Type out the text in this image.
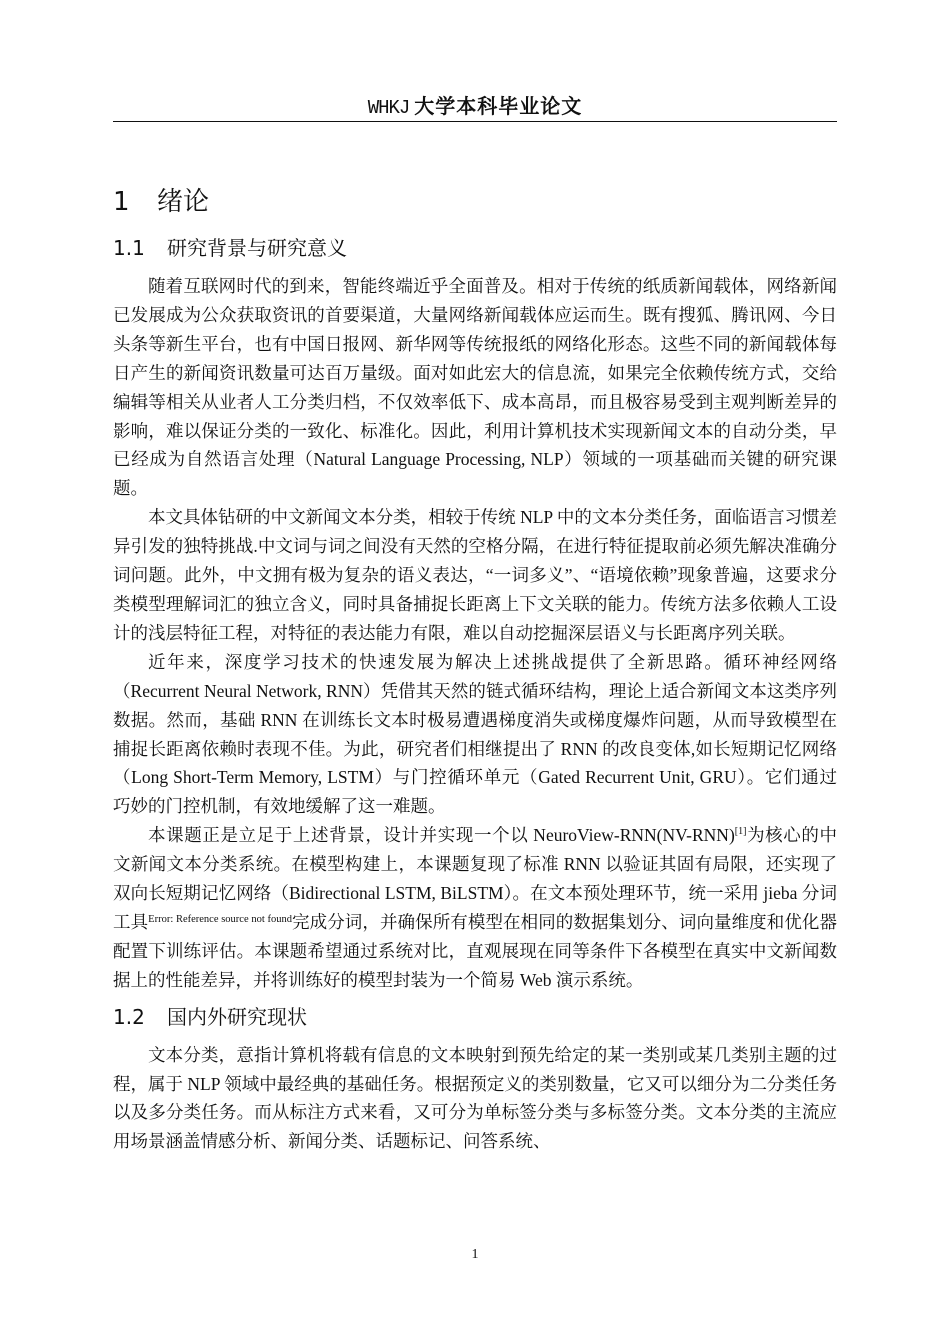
WHKJ 大学本科毕业论文
1 绪论
1.1 研究背景与研究意义

随着互联网时代的到来，智能终端近乎全面普及。相对于传统的纸质新闻载体，网络新闻已发展成为公众获取资讯的首要渠道，大量网络新闻载体应运而生。既有搜狐、腾讯网、今日头条等新生平台，也有中国日报网、新华网等传统报纸的网络化形态。这些不同的新闻载体每日产生的新闻资讯数量可达百万量级。面对如此宏大的信息流，如果完全依赖传统方式，交给编辑等相关从业者人工分类归档，不仅效率低下、成本高昂，而且极容易受到主观判断差异的影响，难以保证分类的一致化、标准化。因此，利用计算机技术实现新闻文本的自动分类，早已经成为自然语言处理（Natural Language Processing, NLP）领域的一项基础而关键的研究课题。

本文具体钻研的中文新闻文本分类，相较于传统 NLP 中的文本分类任务，面临语言习惯差异引发的独特挑战.中文词与词之间没有天然的空格分隔，在进行特征提取前必须先解决准确分词问题。此外，中文拥有极为复杂的语义表达，“一词多义”、“语境依赖”现象普遍，这要求分类模型理解词汇的独立含义，同时具备捕捉长距离上下文关联的能力。传统方法多依赖人工设计的浅层特征工程，对特征的表达能力有限，难以自动挖掘深层语义与长距离序列关联。

近年来，深度学习技术的快速发展为解决上述挑战提供了全新思路。循环神经网络（Recurrent Neural Network, RNN）凭借其天然的链式循环结构，理论上适合新闻文本这类序列数据。然而，基础 RNN 在训练长文本时极易遭遇梯度消失或梯度爆炸问题，从而导致模型在捕捉长距离依赖时表现不佳。为此，研究者们相继提出了 RNN 的改良变体,如长短期记忆网络（Long Short-Term Memory, LSTM）与门控循环单元（Gated Recurrent Unit, GRU）。它们通过巧妙的门控机制，有效地缓解了这一难题。

本课题正是立足于上述背景，设计并实现一个以 NeuroView-RNN(NV-RNN)[1]为核心的中文新闻文本分类系统。在模型构建上，本课题复现了标准 RNN 以验证其固有局限，还实现了双向长短期记忆网络（Bidirectional LSTM, BiLSTM）。在文本预处理环节，统一采用 jieba 分词工具$^{Error: Reference source not found}$完成分词，并确保所有模型在相同的数据集划分、词向量维度和优化器配置下训练评估。本课题希望通过系统对比，直观展现在同等条件下各模型在真实中文新闻数据上的性能差异，并将训练好的模型封装为一个简易 Web 演示系统。

1.2 国内外研究现状

文本分类，意指计算机将载有信息的文本映射到预先给定的某一类别或某几类别主题的过程，属于 NLP 领域中最经典的基础任务。根据预定义的类别数量，它又可以细分为二分类任务以及多分类任务。而从标注方式来看，又可分为单标签分类与多标签分类。文本分类的主流应用场景涵盖情感分析、新闻分类、话题标记、问答系统、

1
